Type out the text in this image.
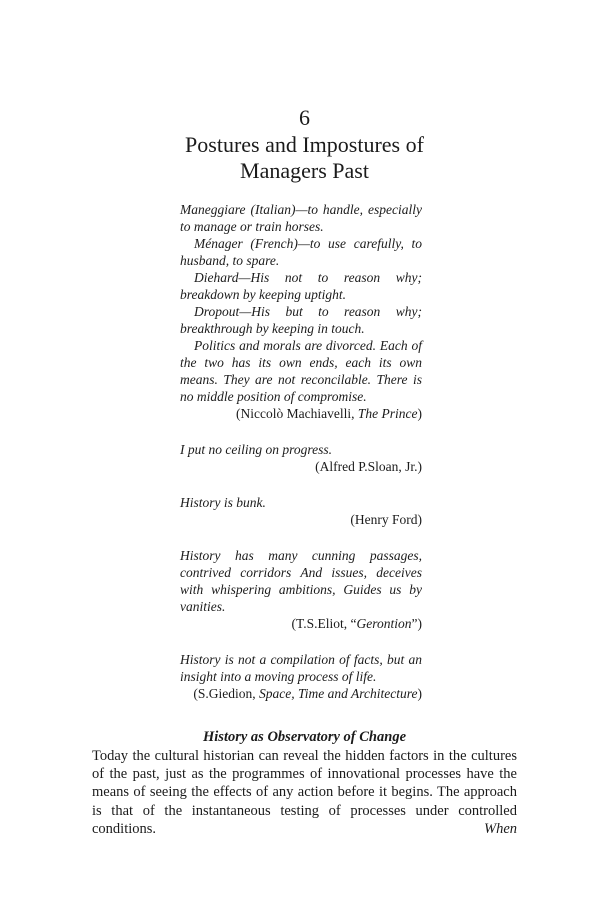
6
Postures and Impostures of
Managers Past

Maneggiare (Italian)—to handle, especially to manage or train horses.

Ménager (French)—to use carefully, to husband, to spare.

Diehard—His not to reason why; breakdown by keeping uptight.

Dropout—His but to reason why; breakthrough by keeping in touch.

Politics and morals are divorced. Each of the two has its own ends, each its own means. They are not reconcilable. There is no middle position of compromise.

(Niccolò Machiavelli, The Prince)

I put no ceiling on progress.

(Alfred P.Sloan, Jr.)

History is bunk.

(Henry Ford)

History has many cunning passages, contrived corridors And issues, deceives with whispering ambitions, Guides us by vanities.

(T.S.Eliot, “Gerontion”)

History is not a compilation of facts, but an insight into a moving process of life.

(S.Giedion, Space, Time and Architecture)

History as Observatory of Change

Today the cultural historian can reveal the hidden factors in the cultures of the past, just as the programmes of innovational processes have the means of seeing the effects of any action before it begins. The approach is that of the instantaneous testing of processes under controlled conditions. When
